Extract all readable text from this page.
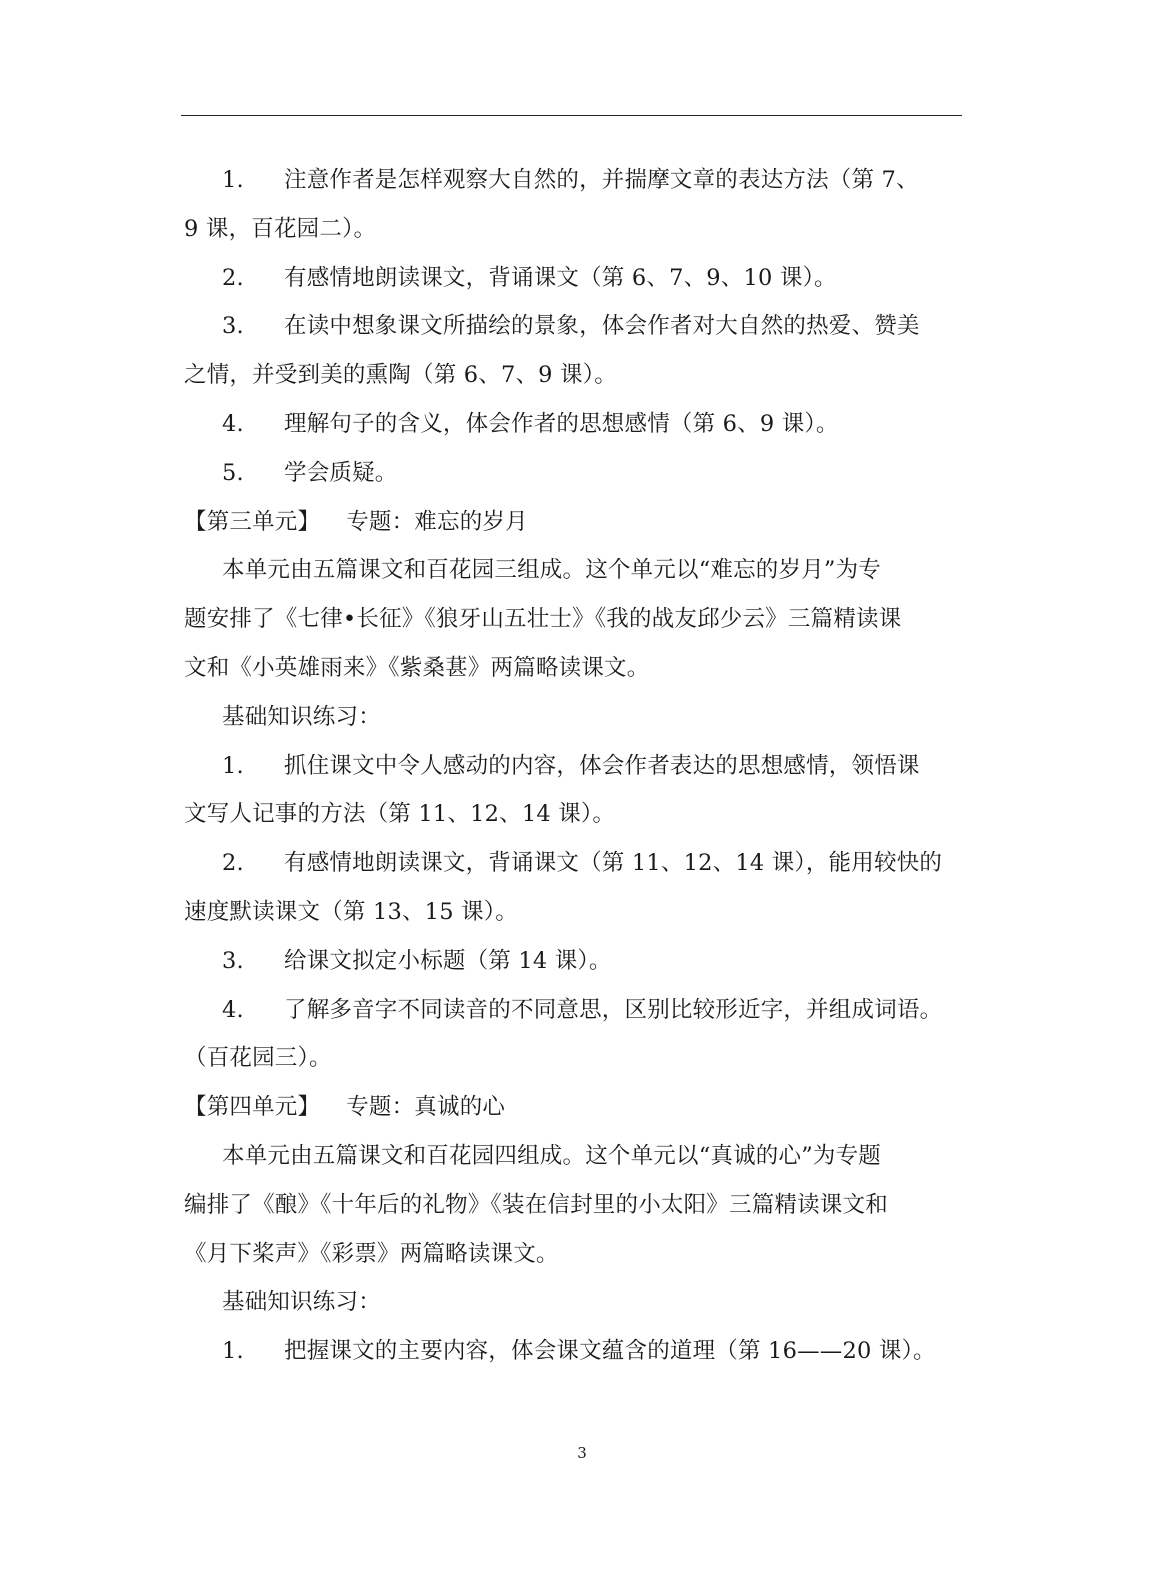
1. 注意作者是怎样观察大自然的，并揣摩文章的表达方法（第 7、
9 课，百花园二）。
2. 有感情地朗读课文，背诵课文（第 6、7、9、10 课）。
3. 在读中想象课文所描绘的景象，体会作者对大自然的热爱、赞美
之情，并受到美的熏陶（第 6、7、9 课）。
4. 理解句子的含义，体会作者的思想感情（第 6、9 课）。
5. 学会质疑。
【第三单元】 专题：难忘的岁月
本单元由五篇课文和百花园三组成。这个单元以“难忘的岁月”为专
题安排了《七律•长征》《狼牙山五壮士》《我的战友邱少云》三篇精读课
文和《小英雄雨来》《紫桑葚》两篇略读课文。
基础知识练习：
1. 抓住课文中令人感动的内容，体会作者表达的思想感情，领悟课
文写人记事的方法（第 11、12、14 课）。
2. 有感情地朗读课文，背诵课文（第 11、12、14 课），能用较快的
速度默读课文（第 13、15 课）。
3. 给课文拟定小标题（第 14 课）。
4. 了解多音字不同读音的不同意思，区别比较形近字，并组成词语。
（百花园三）。
【第四单元】 专题：真诚的心
本单元由五篇课文和百花园四组成。这个单元以“真诚的心”为专题
编排了《酿》《十年后的礼物》《装在信封里的小太阳》三篇精读课文和
《月下桨声》《彩票》两篇略读课文。
基础知识练习：
1. 把握课文的主要内容，体会课文蕴含的道理（第 16——20 课）。
3
